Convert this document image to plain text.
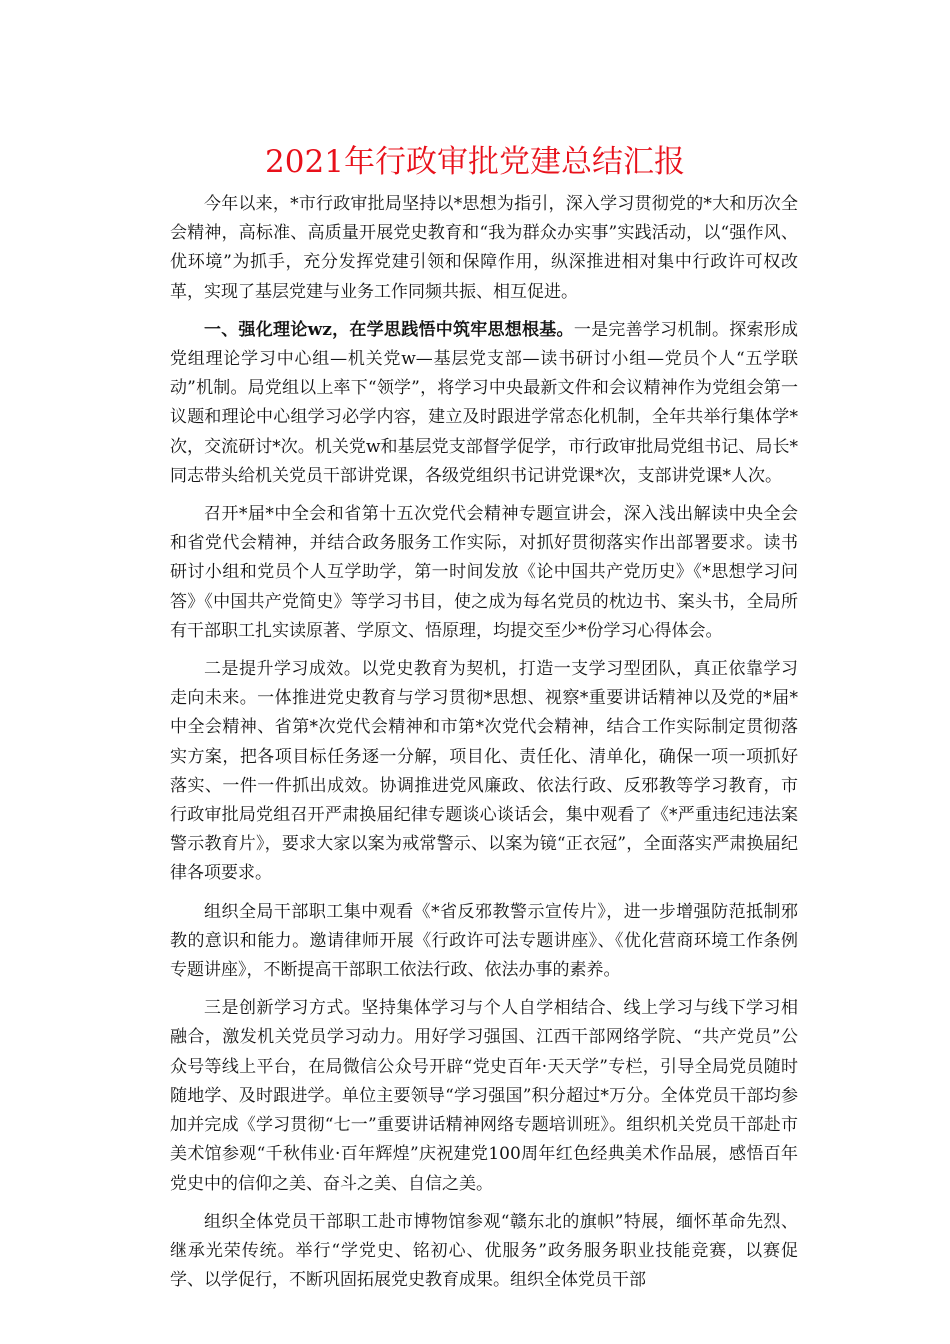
2021年行政审批党建总结汇报

今年以来，*市行政审批局坚持以*思想为指引，深入学习贯彻党的*大和历次全会精神，高标准、高质量开展党史教育和“我为群众办实事”实践活动，以“强作风、优环境”为抓手，充分发挥党建引领和保障作用，纵深推进相对集中行政许可权改革，实现了基层党建与业务工作同频共振、相互促进。

一、强化理论wz，在学思践悟中筑牢思想根基。一是完善学习机制。探索形成党组理论学习中心组—机关党w—基层党支部—读书研讨小组—党员个人“五学联动”机制。局党组以上率下“领学”，将学习中央最新文件和会议精神作为党组会第一议题和理论中心组学习必学内容，建立及时跟进学常态化机制，全年共举行集体学*次，交流研讨*次。机关党w和基层党支部督学促学，市行政审批局党组书记、局长*同志带头给机关党员干部讲党课，各级党组织书记讲党课*次，支部讲党课*人次。

召开*届*中全会和省第十五次党代会精神专题宣讲会，深入浅出解读中央全会和省党代会精神，并结合政务服务工作实际，对抓好贯彻落实作出部署要求。读书研讨小组和党员个人互学助学，第一时间发放《论中国共产党历史》《*思想学习问答》《中国共产党简史》等学习书目，使之成为每名党员的枕边书、案头书，全局所有干部职工扎实读原著、学原文、悟原理，均提交至少*份学习心得体会。

二是提升学习成效。以党史教育为契机，打造一支学习型团队，真正依靠学习走向未来。一体推进党史教育与学习贯彻*思想、视察*重要讲话精神以及党的*届*中全会精神、省第*次党代会精神和市第*次党代会精神，结合工作实际制定贯彻落实方案，把各项目标任务逐一分解，项目化、责任化、清单化，确保一项一项抓好落实、一件一件抓出成效。协调推进党风廉政、依法行政、反邪教等学习教育，市行政审批局党组召开严肃换届纪律专题谈心谈话会，集中观看了《*严重违纪违法案警示教育片》，要求大家以案为戒常警示、以案为镜“正衣冠”，全面落实严肃换届纪律各项要求。

组织全局干部职工集中观看《*省反邪教警示宣传片》，进一步增强防范抵制邪教的意识和能力。邀请律师开展《行政许可法专题讲座》、《优化营商环境工作条例专题讲座》，不断提高干部职工依法行政、依法办事的素养。

三是创新学习方式。坚持集体学习与个人自学相结合、线上学习与线下学习相融合，激发机关党员学习动力。用好学习强国、江西干部网络学院、“共产党员”公众号等线上平台，在局微信公众号开辟“党史百年·天天学”专栏，引导全局党员随时随地学、及时跟进学。单位主要领导“学习强国”积分超过*万分。全体党员干部均参加并完成《学习贯彻“七一”重要讲话精神网络专题培训班》。组织机关党员干部赴市美术馆参观“千秋伟业·百年辉煌”庆祝建党100周年红色经典美术作品展，感悟百年党史中的信仰之美、奋斗之美、自信之美。

组织全体党员干部职工赴市博物馆参观“赣东北的旗帜”特展，缅怀革命先烈、继承光荣传统。举行“学党史、铭初心、优服务”政务服务职业技能竞赛，以赛促学、以学促行，不断巩固拓展党史教育成果。组织全体党员干部
